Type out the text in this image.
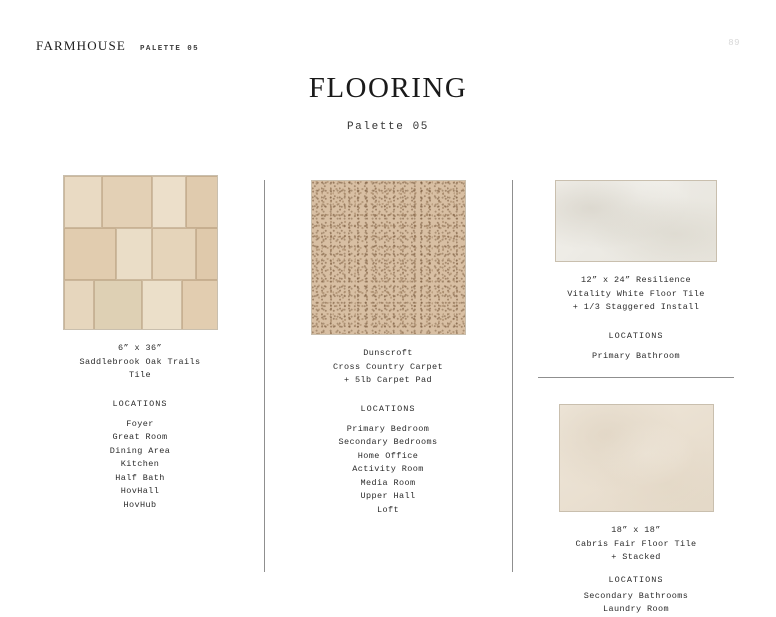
FARMHOUSE PALETTE 05
89
FLOORING
Palette 05
6” x 36”
Saddlebrook Oak Trails
Tile
LOCATIONS
Foyer
Great Room
Dining Area
Kitchen
Half Bath
HovHall
HovHub
Dunscroft
Cross Country Carpet
+ 5lb Carpet Pad
LOCATIONS
Primary Bedroom
Secondary Bedrooms
Home Office
Activity Room
Media Room
Upper Hall
Loft
12” x 24” Resilience
Vitality White Floor Tile
+ 1/3 Staggered Install
LOCATIONS
Primary Bathroom
18” x 18”
Cabris Fair Floor Tile
+ Stacked
LOCATIONS
Secondary Bathrooms
Laundry Room
